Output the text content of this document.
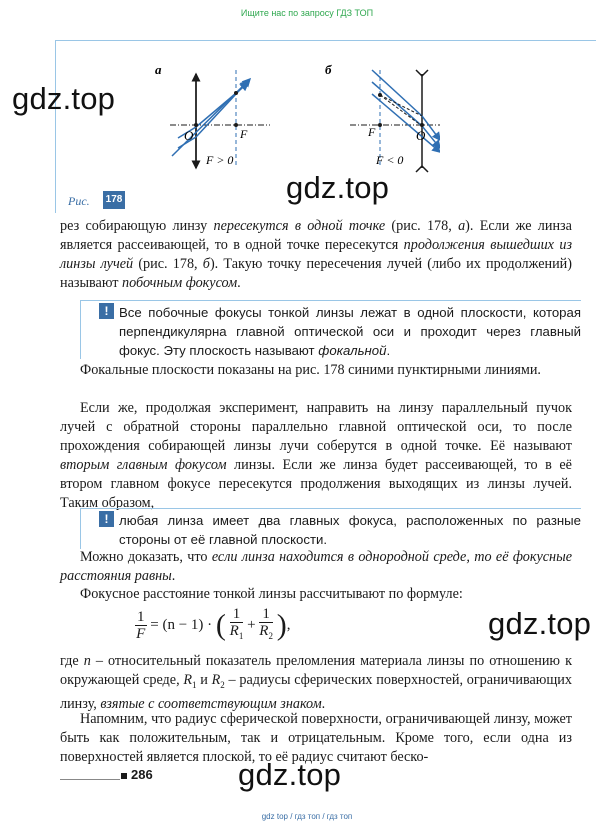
Ищите нас по запросу ГДЗ ТОП
а
O	F
F > 0
б
F	O
F < 0
Рис. 178
gdz.top
gdz.top
gdz.top
gdz.top
рез собирающую линзу пересекутся в одной точке (рис. 178, а). Если же линза является рассеивающей, то в одной точке пересекутся продолжения вышедших из линзы лучей (рис. 178, б). Такую точку пересечения лучей (либо их продолжений) называют побочным фокусом.
! Все побочные фокусы тонкой линзы лежат в одной плоскости, которая перпендикулярна главной оптической оси и проходит через главный фокус. Эту плоскость называют фокальной.
Фокальные плоскости показаны на рис. 178 синими пунктирными линиями.
Если же, продолжая эксперимент, направить на линзу параллельный пучок лучей с обратной стороны параллельно главной оптической оси, то после прохождения собирающей линзы лучи соберутся в одной точке. Её называют вторым главным фокусом линзы. Если же линза будет рассеивающей, то в её втором главном фокусе пересекутся продолжения выходящих из линзы лучей. Таким образом,
! любая линза имеет два главных фокуса, расположенных по разные стороны от её главной плоскости.
Можно доказать, что если линза находится в однородной среде, то её фокусные расстояния равны.
Фокусное расстояние тонкой линзы рассчитывают по формуле:
$\frac{1}{F} = (n - 1)$ · ( $\frac{1}{R_1} + \frac{1}{R_2}$ ),
где n – относительный показатель преломления материала линзы по отношению к окружающей среде, $R_1$ и $R_2$ – радиусы сферических поверхностей, ограничивающих линзу, взятые с соответствующим знаком.
Напомним, что радиус сферической поверхности, ограничивающей линзу, может быть как положительным, так и отрицательным. Кроме того, если одна из поверхностей является плоской, то её радиус считают беско-
286
gdz top / гдз топ / гдз топ
